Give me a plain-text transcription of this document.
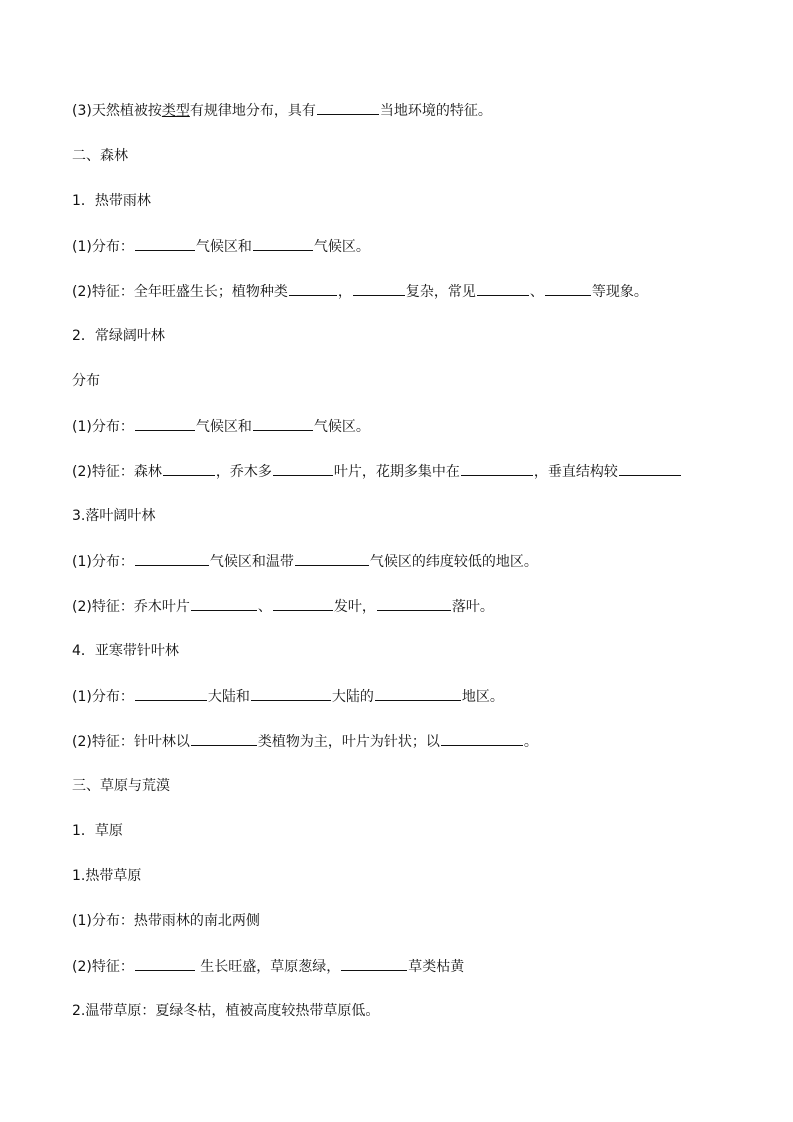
(3)天然植被按类型有规律地分布，具有	当地环境的特征。
二、森林
1．热带雨林
(1)分布：	气候区和	气候区。
(2)特征：全年旺盛生长；植物种类	，	复杂，常见	、	等现象。
2．常绿阔叶林
分布
(1)分布：	气候区和	气候区。
(2)特征：森林	，乔木多	叶片，花期多集中在	，垂直结构较
3.落叶阔叶林
(1)分布：	气候区和温带	气候区的纬度较低的地区。
(2)特征：乔木叶片	、	发叶，	落叶。
4．亚寒带针叶林
(1)分布：	大陆和	大陆的	地区。
(2)特征：针叶林以	类植物为主，叶片为针状；以	。
三、草原与荒漠
1．草原
1.热带草原
(1)分布：热带雨林的南北两侧
(2)特征：	生长旺盛，草原葱绿，	草类枯黄
2.温带草原：夏绿冬枯，植被高度较热带草原低。
